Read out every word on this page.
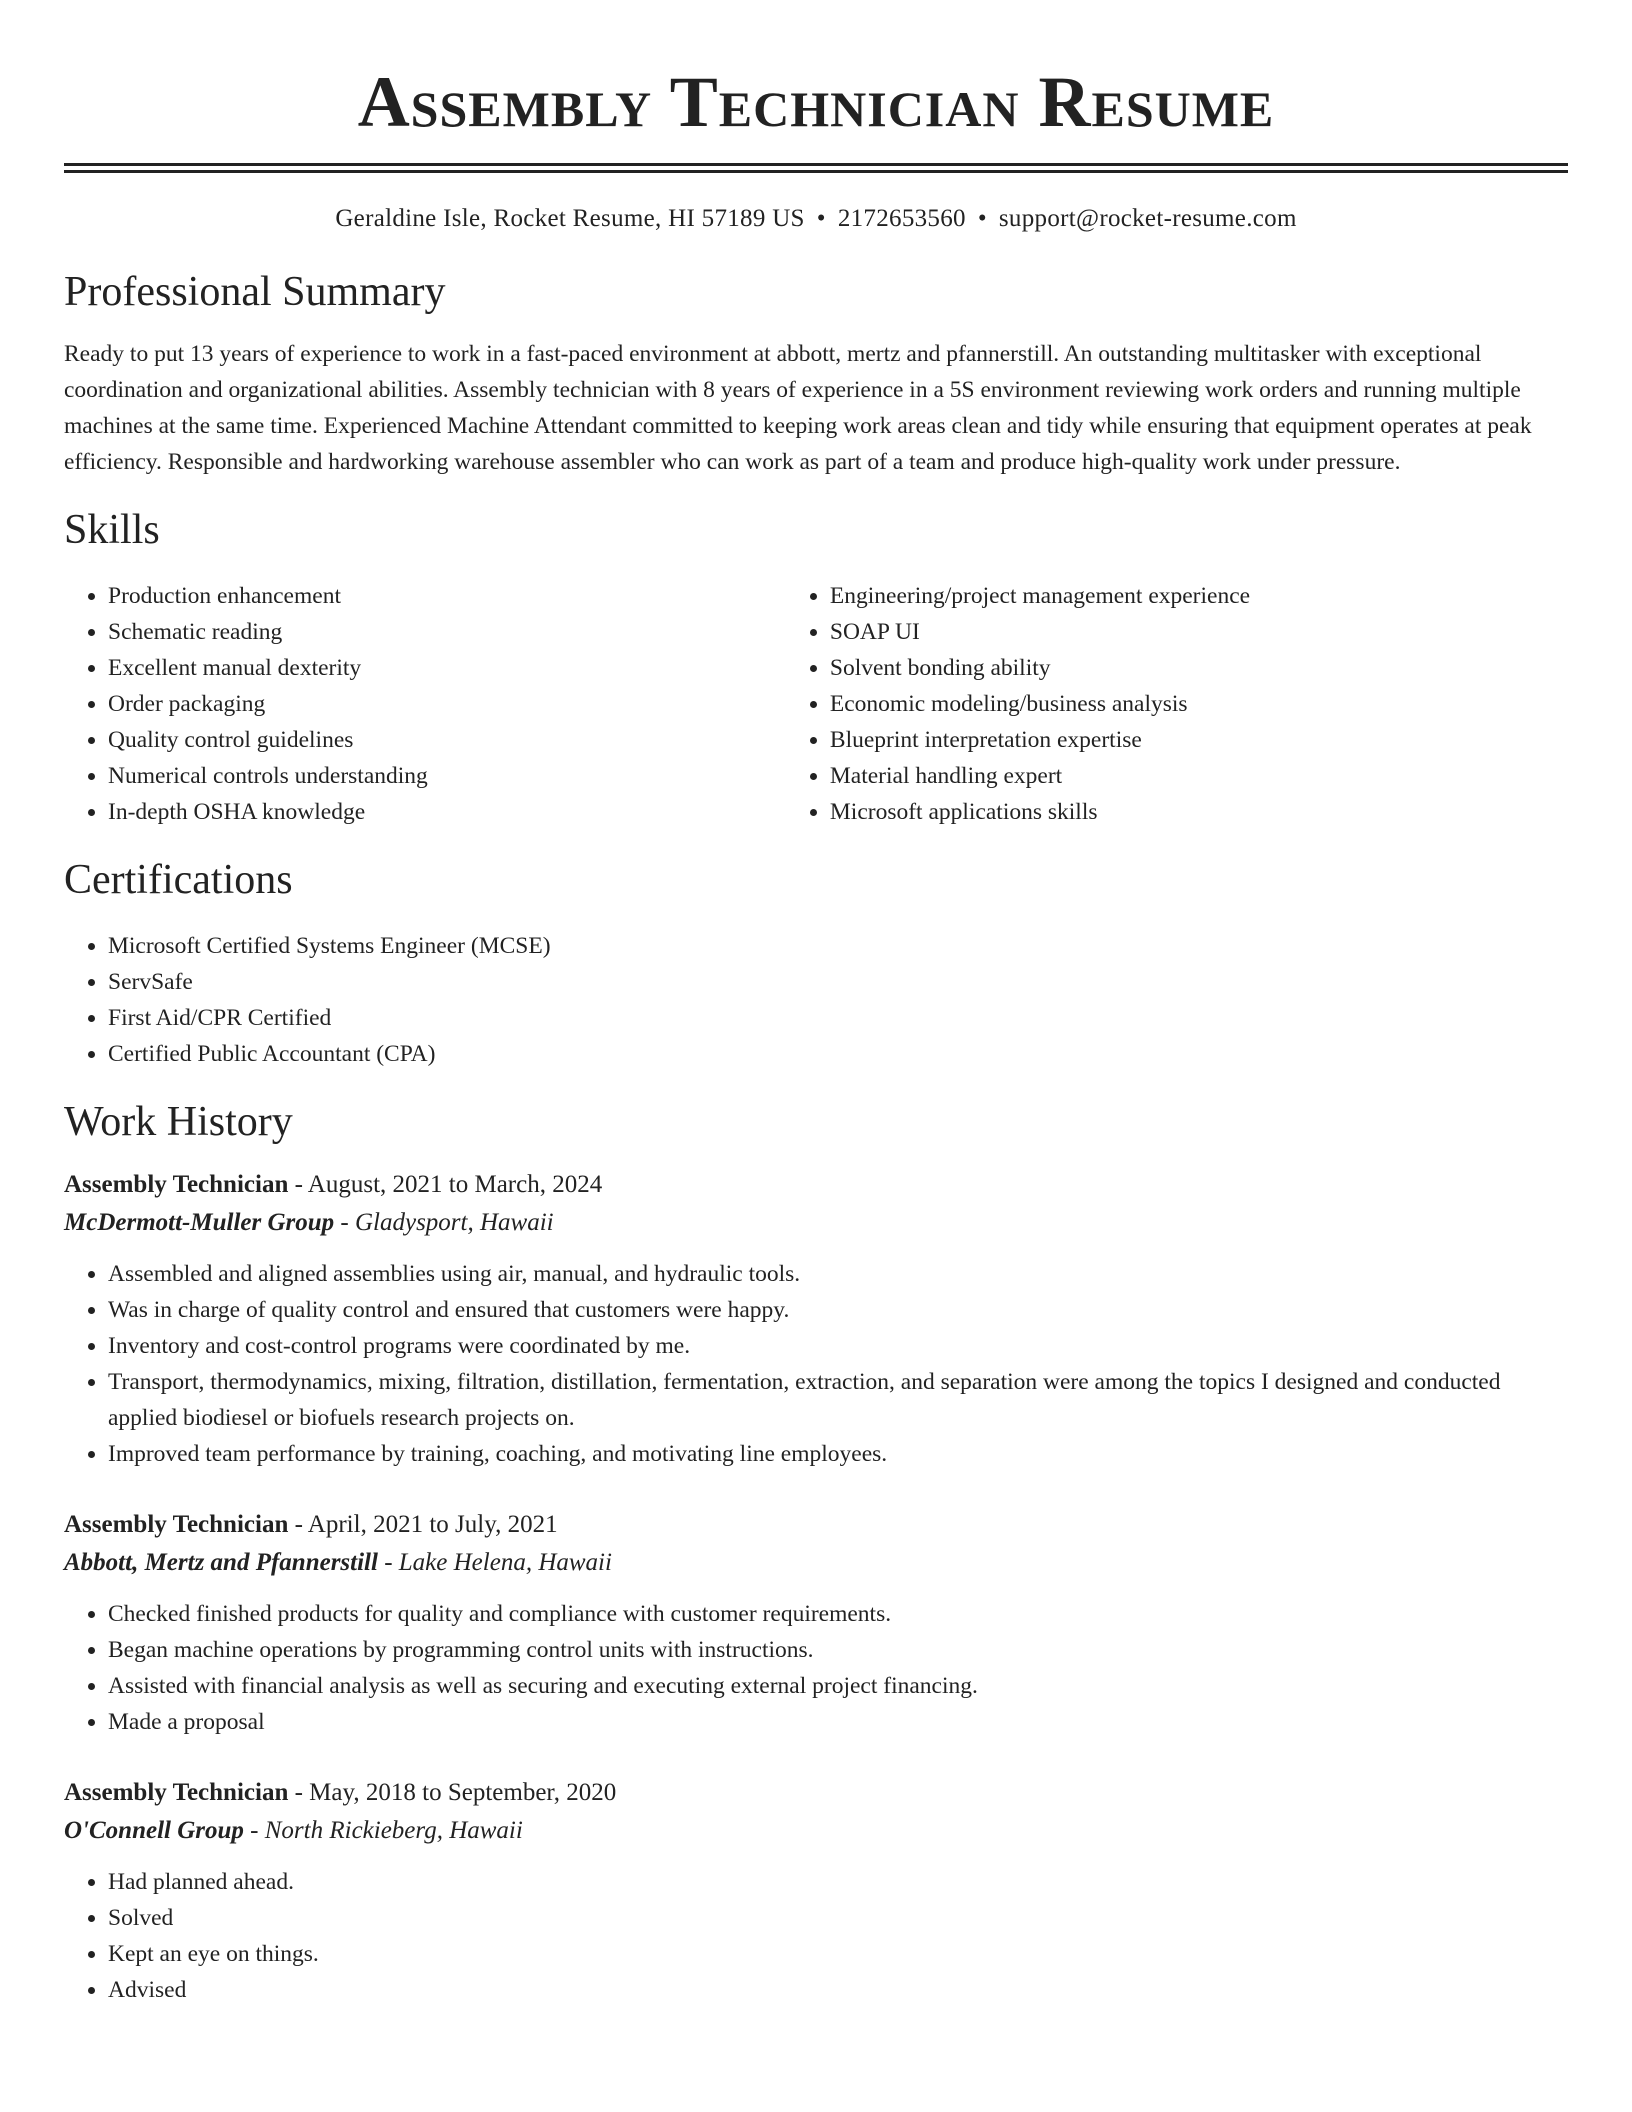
Assembly Technician Resume
Geraldine Isle, Rocket Resume, HI 57189 US • 2172653560 • support@rocket-resume.com
Professional Summary

Ready to put 13 years of experience to work in a fast-paced environment at abbott, mertz and pfannerstill. An outstanding multitasker with exceptional coordination and organizational abilities. Assembly technician with 8 years of experience in a 5S environment reviewing work orders and running multiple machines at the same time. Experienced Machine Attendant committed to keeping work areas clean and tidy while ensuring that equipment operates at peak efficiency. Responsible and hardworking warehouse assembler who can work as part of a team and produce high-quality work under pressure.

Skills
• Production enhancement
• Schematic reading
• Excellent manual dexterity
• Order packaging
• Quality control guidelines
• Numerical controls understanding
• In-depth OSHA knowledge
• Engineering/project management experience
• SOAP UI
• Solvent bonding ability
• Economic modeling/business analysis
• Blueprint interpretation expertise
• Material handling expert
• Microsoft applications skills
Certifications
• Microsoft Certified Systems Engineer (MCSE)
• ServSafe
• First Aid/CPR Certified
• Certified Public Accountant (CPA)
Work History
Assembly Technician - August, 2021 to March, 2024
McDermott-Muller Group - Gladysport, Hawaii
• Assembled and aligned assemblies using air, manual, and hydraulic tools.
• Was in charge of quality control and ensured that customers were happy.
• Inventory and cost-control programs were coordinated by me.
• Transport, thermodynamics, mixing, filtration, distillation, fermentation, extraction, and separation were among the topics I designed and conducted applied biodiesel or biofuels research projects on.
• Improved team performance by training, coaching, and motivating line employees.
Assembly Technician - April, 2021 to July, 2021
Abbott, Mertz and Pfannerstill - Lake Helena, Hawaii
• Checked finished products for quality and compliance with customer requirements.
• Began machine operations by programming control units with instructions.
• Assisted with financial analysis as well as securing and executing external project financing.
• Made a proposal
Assembly Technician - May, 2018 to September, 2020
O'Connell Group - North Rickieberg, Hawaii
• Had planned ahead.
• Solved
• Kept an eye on things.
• Advised
